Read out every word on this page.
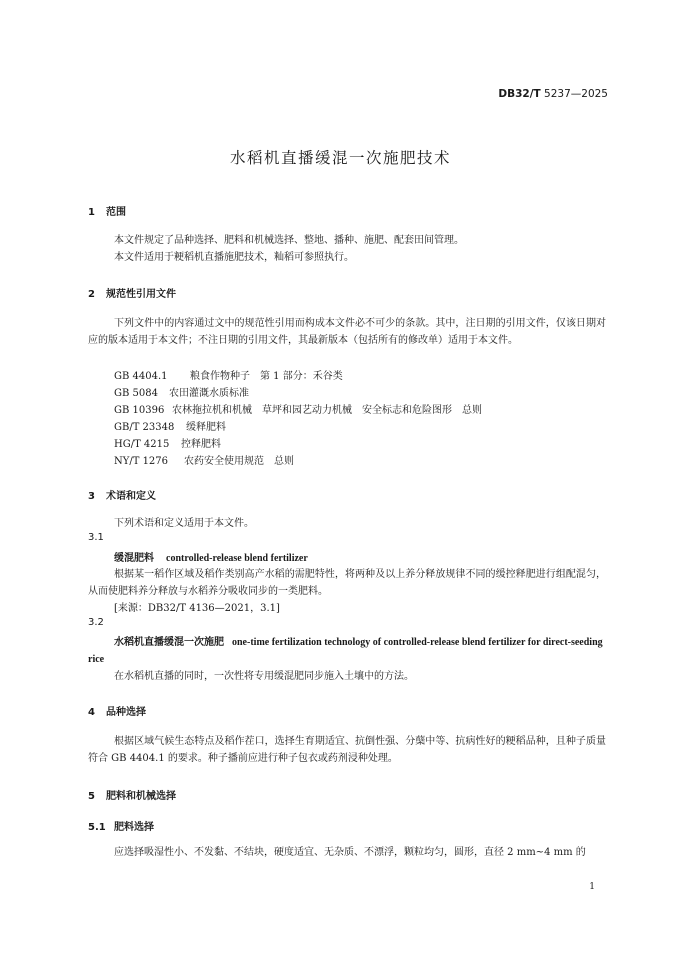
DB32/T 5237—2025
水稻机直播缓混一次施肥技术
1 范围
本文件规定了品种选择、肥料和机械选择、整地、播种、施肥、配套田间管理。
本文件适用于粳稻机直播施肥技术，籼稻可参照执行。
2 规范性引用文件
下列文件中的内容通过文中的规范性引用而构成本文件必不可少的条款。其中，注日期的引用文件，仅该日期对应的版本适用于本文件；不注日期的引用文件，其最新版本（包括所有的修改单）适用于本文件。
GB 4404.1 粮食作物种子　第 1 部分：禾谷类
GB 5084 农田灌溉水质标准
GB 10396 农林拖拉机和机械　草坪和园艺动力机械　安全标志和危险图形　总则
GB/T 23348 缓释肥料
HG/T 4215 控释肥料
NY/T 1276 农药安全使用规范　总则
3 术语和定义
下列术语和定义适用于本文件。
3.1
缓混肥料 controlled-release blend fertilizer
根据某一稻作区域及稻作类别高产水稻的需肥特性，将两种及以上养分释放规律不同的缓控释肥进行组配混匀，从而使肥料养分释放与水稻养分吸收同步的一类肥料。
[来源：DB32/T 4136—2021，3.1]
3.2
水稻机直播缓混一次施肥 one-time fertilization technology of controlled-release blend fertilizer for direct-seeding rice
在水稻机直播的同时，一次性将专用缓混肥同步施入土壤中的方法。
4 品种选择
根据区域气候生态特点及稻作茬口，选择生育期适宜、抗倒性强、分蘖中等、抗病性好的粳稻品种，且种子质量符合 GB 4404.1 的要求。种子播前应进行种子包衣或药剂浸种处理。
5 肥料和机械选择
5.1 肥料选择
应选择吸湿性小、不发黏、不结块，硬度适宜、无杂质、不漂浮，颗粒均匀，圆形，直径 2 mm~4 mm 的
1
